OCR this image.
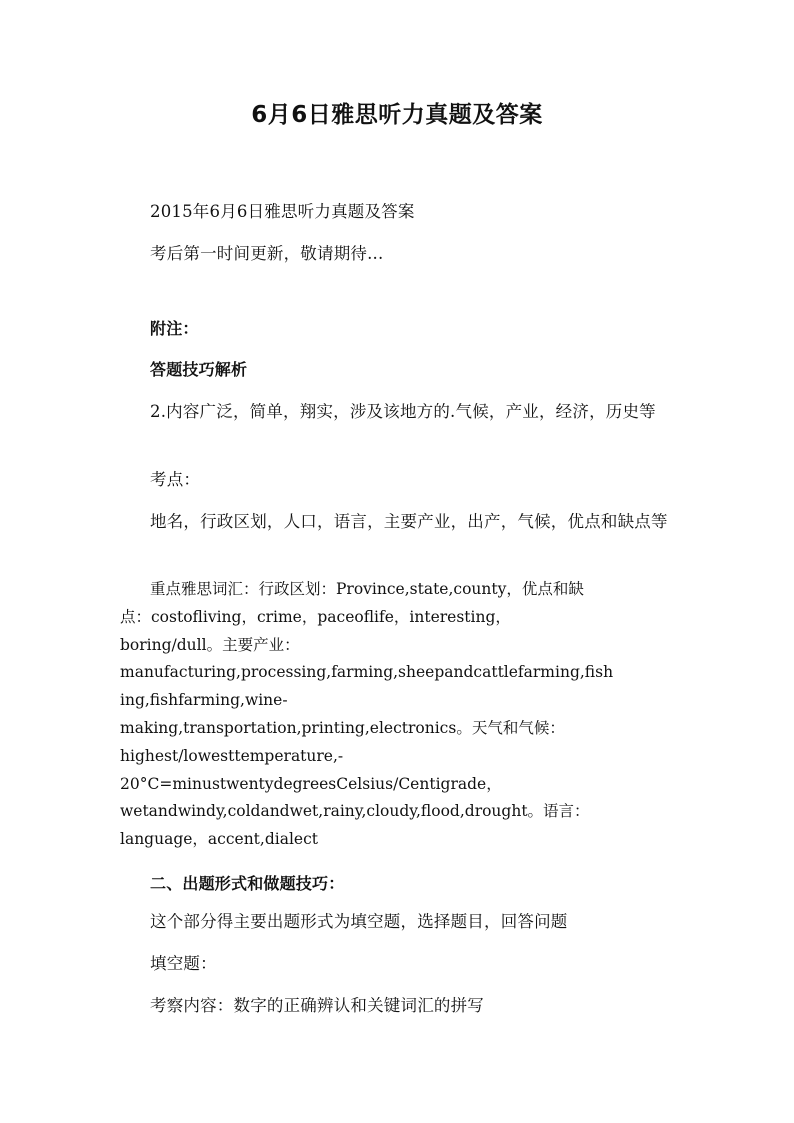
6月6日雅思听力真题及答案
2015年6月6日雅思听力真题及答案
考后第一时间更新，敬请期待...
附注：
答题技巧解析
2.内容广泛，简单，翔实，涉及该地方的.气候，产业，经济，历史等
考点：
地名，行政区划，人口，语言，主要产业，出产，气候，优点和缺点等
重点雅思词汇：行政区划：Province,state,county，优点和缺
点：costofliving，crime，paceoflife，interesting，
boring/dull。主要产业：
manufacturing,processing,farming,sheepandcattlefarming,fish
ing,fishfarming,wine-
making,transportation,printing,electronics。天气和气候：
highest/lowesttemperature,-
20°C=minustwentydegreesCelsius/Centigrade，
wetandwindy,coldandwet,rainy,cloudy,flood,drought。语言：
language，accent,dialect
二、出题形式和做题技巧：
这个部分得主要出题形式为填空题，选择题目，回答问题
填空题：
考察内容：数字的正确辨认和关键词汇的拼写
